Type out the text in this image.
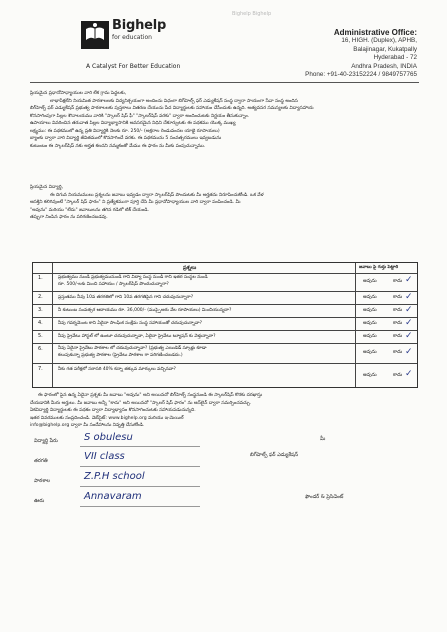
Bighelp
for education
A Catalyst For Better Education
Bighelp Bighelp
Administrative Office:
16, HIGH. (Duplex), APHB,
Balajinagar, Kukatpally
Hyderabad - 72
Andhra Pradesh, INDIA
Phone: +91-40-23152224 / 9849757765
ప్రియమైన ప్రధానోపాధ్యాయుల వారి లేక గ్రామ పెద్దలకు,
లాభాపేక్షలేని నియమిత పాఠశాలలకు విద్యనిశ్చయంగా అందించు విధంగా బిగ్‌హెల్ప్ ఫర్ ఎడ్యుకేషన్ సంస్థ ద్వారా సాయంగా సేవా సంస్థ అందిస
బిగ్‌హెల్ప్ ఫర్ ఎడ్యుకేషన్ ప్రభుత్వ పాఠశాలలకు పుస్తకాలు వితరణ చేయుచు పేద విద్యార్థులకు సహాయం చేసేందుకు ఉన్నది. అత్యవసర సమస్యలకు విద్యాసహాయ
కొనసాగింపుగా పిల్లల శౌచాలయము వారికి "స్కాలర్ షిప్ ఫీ" "స్కాలర్‌షిప్ వరకు" ద్వారా అందించుటకు నిర్ణయం తీసుకున్నాం.
ఉపాయాలు వివరించిన తరువాత పిల్లల విద్యాభ్యాసానికి అవసరమైన నిధిని చేకూర్చుటకు ఈ పథకము యొక్క ముఖ్య
లక్ష్యము: ఈ పథకములో ఉన్న ప్రతి విద్యార్థికి నెలకు రూ. 250/- (అక్షరాల రెండువందల యాభై రూపాయలు)
బ్యాంకు ద్వారా వారి విద్యార్థి జీవితములో కొనసాగించే వరకు. ఈ పథకమును 5 సంవత్సరములు ఇవ్వబడును
కుటుంబం ఈ స్కాలర్‌షిప్ నకు అర్హత కలదని నమ్మకంతో మేము ఈ ఫారం ను మీకు పంపుచున్నాము.
ప్రియమైన విద్యార్థి,
ఈ దిగువ నియమములు ప్రశ్నలను జవాబు ఇవ్వడం ద్వారా స్కాలర్‌షిప్ పొందుటకు మీ అర్హతను నిరూపించుకోండి. ఒక వేళ
ఆసక్తిని కలిగివుంటే "స్కాలర్ షిప్ ఫారం" ని ప్రత్యేకముగా పూర్తి చేసి మీ ప్రధానోపాధ్యాయుల వారి ద్వారా పంపించండి. మీ
"అవును" మరియు "లేదు" జవాబులను తగిన గడిలో టిక్ చేయండి.
తప్పుగా నింపిన ఫారం ను పరిగణించబడవు.
ప్రశ్నలు	జవాబు పై గుర్తు పెట్టారి
1.	ప్రభుత్వము నుండి ప్రభుత్వమునుండి గాని విద్యా సంస్థ నుండి గాని ఇతర సంస్థల నుండి
రూ. 500/-లకు మించి సహాయం / స్కాలర్‌షిప్ పొందుచున్నారా?
అవును	కాదు ✓
2.	ప్రస్తుతము నీవు 10వ తరగతిలో గాని 10వ తరగతిపైన గాని చదువుచున్నారా?	అవును	కాదు ✓
3.	నీ కుటుంబ సంవత్సర ఆదాయము రూ. 36,000/- (ముప్పైఆరు వేల రూపాయలు) మించియున్నదా?	అవును	కాదు ✓
4.	నీవు గవర్నమెంట కాని ఏదైనా సాంఘిక సంక్షేమ సంస్థ సహాయంతో చదువుచున్నావా?	అవును	కాదు ✓
5.	నీవు ప్రైవేటు హాస్టల్ లో ఉంటూ చదువుచున్నావా, ఏదైనా ప్రైవేటు ట్యూషన్ కు వెళ్తున్నావా?	అవును	కాదు ✓
6.	నీవు ఏదైనా ప్రైవేటు పాఠశాల లో చదువుచున్నావా? (ప్రభుత్వ ఎయిడెడ్ స్కూళ్లు కూడా
కలుపుకున్నా ప్రభుత్వ పాఠశాల (ప్రైవేటు పాఠశాల గా పరిగణించబడదు.)
అవును	కాదు ✓
7.	నీకు గత పరీక్షలో సరాసరి 40% కన్నా తక్కువ మార్కులు వచ్చినవా?
అవును	కాదు ✓
ఈ ఫారంలో పైన ఉన్న ఏదైనా ప్రశ్నకు మీ జవాబు "అవును" అని అయినచో బిగ్‌హెల్ప్ సంస్థనుండి ఈ స్కాలర్‌షిప్ కొరకు దరఖాస్తు
చేయడానికి మీరు అర్హులు. మీ జవాబు అన్నీ "కాదు" అని అయినచో "స్కాలర్ షిప్ ఫారం" ను ఆన్‌లైన్ ద్వారా సమర్పించవచ్చు.
ఏకవిద్యార్థి విద్యార్థులకు ఈ పథకం ద్వారా విద్యాభ్యాసం కొనసాగించుటకు సహాయపడుచున్నది.
ఇతర వివరములకు సంప్రదించండి. వెబ్‌సైట్: www.bighelp.org మరియు ఇ-మెయిల్
info@bighelp.org ద్వారా మీ సందేహాలను నివృత్తి చేసుకోండి.
విద్యార్థి పేరు	S obulesu
తరగతి	VII class
పాఠశాల	Z.P.H school
ఊరు	Annavaram
మీ
బిగ్‌హెల్ప్ ఫర్ ఎడ్యుకేషన్
ఫౌండర్ & ప్రెసిడెంట్
